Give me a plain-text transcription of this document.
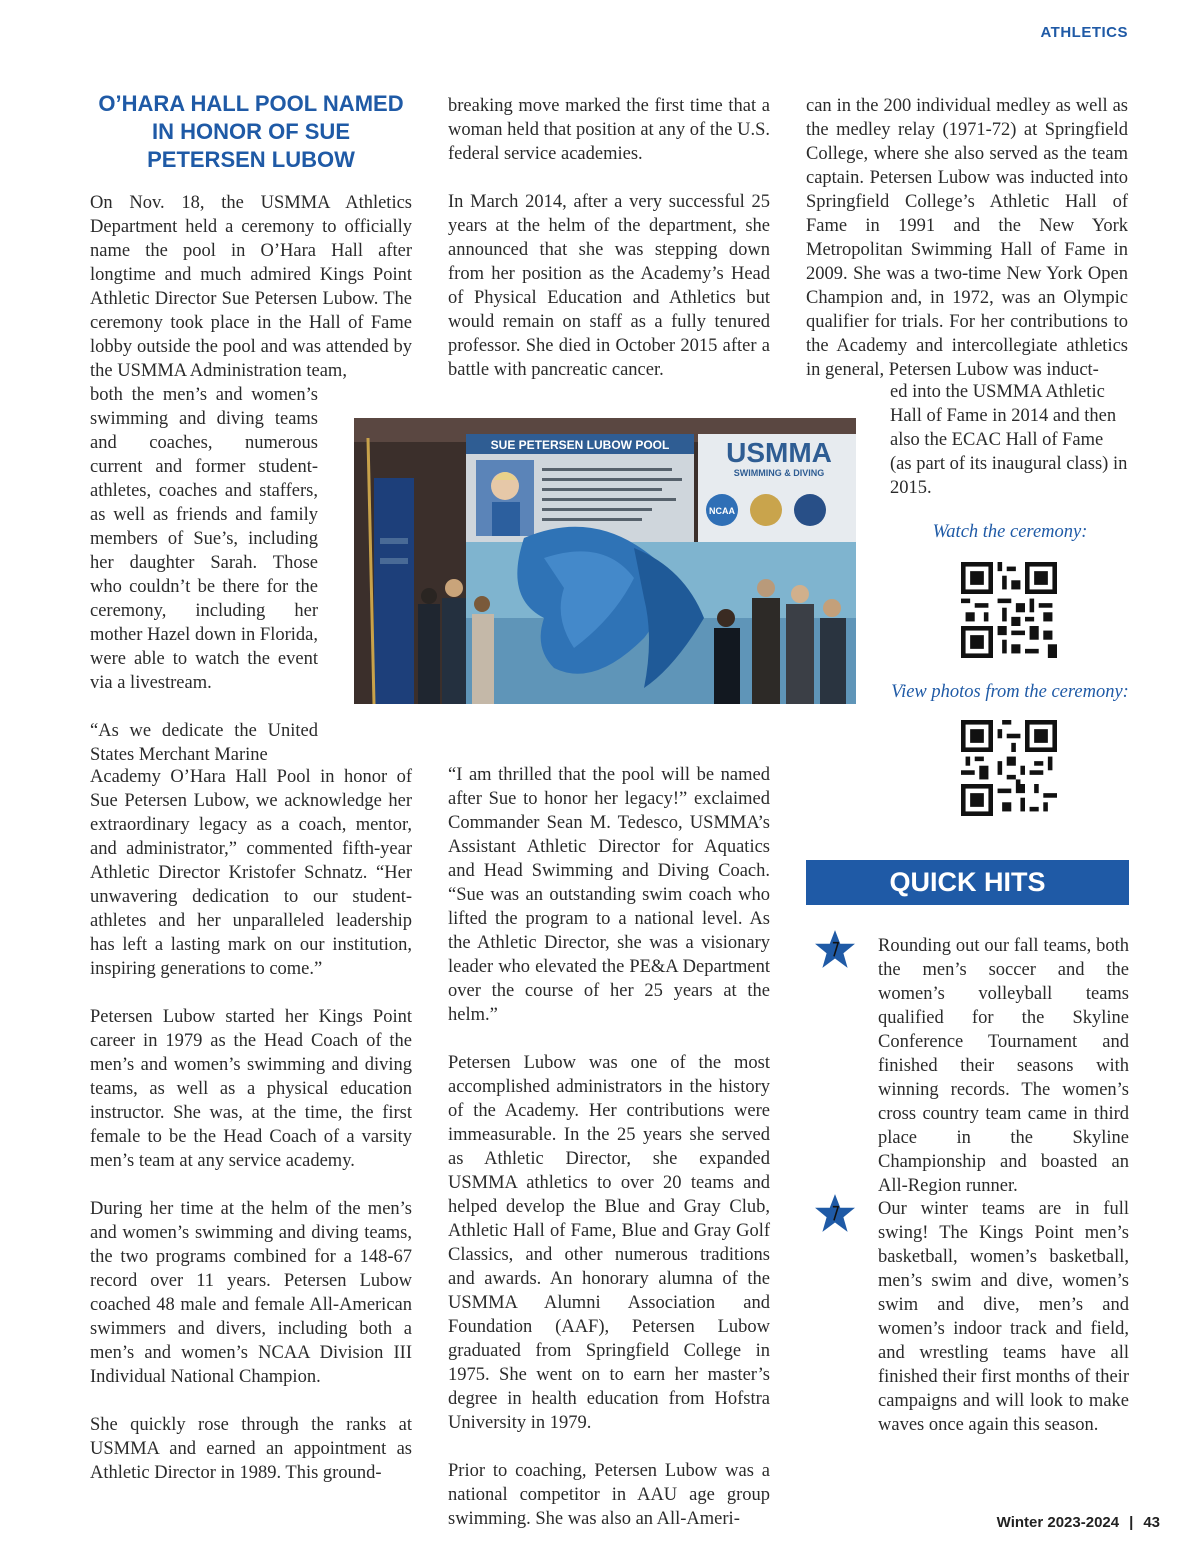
ATHLETICS
O’HARA HALL POOL NAMED IN HONOR OF SUE PETERSEN LUBOW

On Nov. 18, the USMMA Athletics Department held a ceremony to officially name the pool in O’Hara Hall after longtime and much admired Kings Point Athletic Director Sue Petersen Lubow. The ceremony took place in the Hall of Fame lobby outside the pool and was attended by the USMMA Administration team,

both the men’s and women’s swimming and diving teams and coaches, numerous current and former student-athletes, coaches and staffers, as well as friends and family members of Sue’s, including her daughter Sarah. Those who couldn’t be there for the ceremony, including her mother Hazel down in Florida, were able to watch the event via a livestream.

“As we dedicate the United States Merchant Marine

Academy O’Hara Hall Pool in honor of Sue Petersen Lubow, we acknowledge her extraordinary legacy as a coach, mentor, and administrator,” commented fifth-year Athletic Director Kristofer Schnatz. “Her unwavering dedication to our student-athletes and her unparalleled leadership has left a lasting mark on our institution, inspiring generations to come.”

Petersen Lubow started her Kings Point career in 1979 as the Head Coach of the men’s and women’s swimming and diving teams, as well as a physical education instructor. She was, at the time, the first female to be the Head Coach of a varsity men’s team at any service academy.

During her time at the helm of the men’s and women’s swimming and diving teams, the two programs combined for a 148-67 record over 11 years. Petersen Lubow coached 48 male and female All-American swimmers and divers, including both a men’s and women’s NCAA Division III Individual National Champion.

She quickly rose through the ranks at USMMA and earned an appointment as Athletic Director in 1989. This ground-

breaking move marked the first time that a woman held that position at any of the U.S. federal service academies.

In March 2014, after a very successful 25 years at the helm of the department, she announced that she was stepping down from her position as the Academy’s Head of Physical Education and Athletics but would remain on staff as a fully tenured professor. She died in October 2015 after a battle with pancreatic cancer.

“I am thrilled that the pool will be named after Sue to honor her legacy!” exclaimed Commander Sean M. Tedesco, USMMA’s Assistant Athletic Director for Aquatics and Head Swimming and Diving Coach. “Sue was an outstanding swim coach who lifted the program to a national level. As the Athletic Director, she was a visionary leader who elevated the PE&A Department over the course of her 25 years at the helm.”

Petersen Lubow was one of the most accomplished administrators in the history of the Academy. Her contributions were immeasurable. In the 25 years she served as Athletic Director, she expanded USMMA athletics to over 20 teams and helped develop the Blue and Gray Club, Athletic Hall of Fame, Blue and Gray Golf Classics, and other numerous traditions and awards. An honorary alumna of the USMMA Alumni Association and Foundation (AAF), Petersen Lubow graduated from Springfield College in 1975. She went on to earn her master’s degree in health education from Hofstra University in 1979.

Prior to coaching, Petersen Lubow was a national competitor in AAU age group swimming. She was also an All-Ameri-

can in the 200 individual medley as well as the medley relay (1971-72) at Springfield College, where she also served as the team captain. Petersen Lubow was inducted into Springfield College’s Athletic Hall of Fame in 1991 and the New York Metropolitan Swimming Hall of Fame in 2009. She was a two-time New York Open Champion and, in 1972, was an Olympic qualifier for trials. For her contributions to the Academy and intercollegiate athletics in general, Petersen Lubow was induct-

ed into the USMMA Athletic Hall of Fame in 2014 and then also the ECAC Hall of Fame (as part of its inaugural class) in 2015.

SUE PETERSEN LUBOW POOL USMMA
SWIMMING & DIVING
NCAA
Watch the ceremony:
View photos from the ceremony:
QUICK HITS
Rounding out our fall teams, both the men’s soccer and the women’s volleyball teams qualified for the Skyline Conference Tournament and finished their seasons with winning records. The women’s cross country team came in third place in the Skyline Championship and boasted an All-Region runner.
Our winter teams are in full swing! The Kings Point men’s basketball, women’s basketball, men’s swim and dive, women’s swim and dive, men’s and women’s indoor track and field, and wrestling teams have all finished their first months of their campaigns and will look to make waves once again this season.
Winter 2023-2024 | 43
